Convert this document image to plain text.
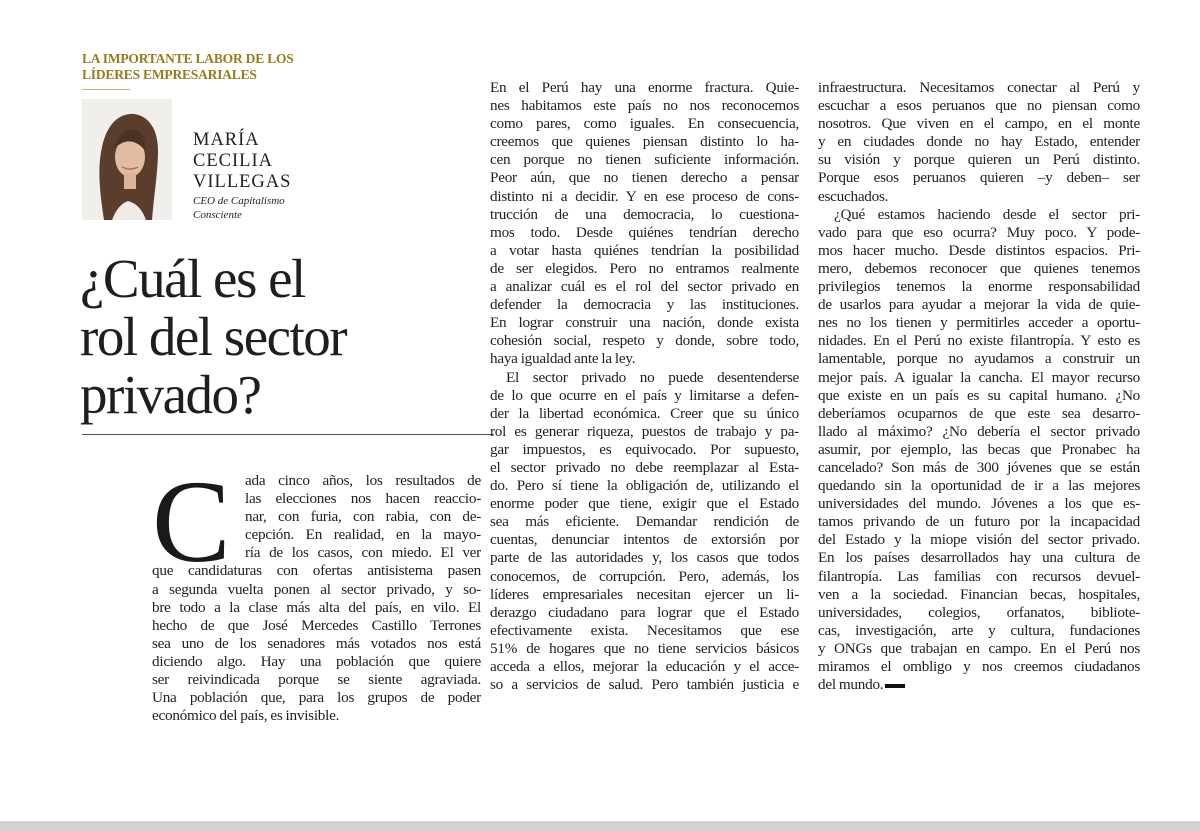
LA IMPORTANTE LABOR DE LOS LÍDERES EMPRESARIALES
MARÍA
CECILIA
VILLEGAS
CEO de Capitalismo
Consciente
¿Cuál es el
rol del sector
privado?
C ada cinco años, los resultados de
las elecciones nos hacen reaccio-
nar, con furia, con rabia, con de-
cepción. En realidad, en la mayo-
ría de los casos, con miedo. El ver
que candidaturas con ofertas antisistema pasen
a segunda vuelta ponen al sector privado, y so-
bre todo a la clase más alta del país, en vilo. El
hecho de que José Mercedes Castillo Terrones
sea uno de los senadores más votados nos está
diciendo algo. Hay una población que quiere
ser reivindicada porque se siente agraviada.
Una población que, para los grupos de poder
económico del país, es invisible.
En el Perú hay una enorme fractura. Quie-
nes habitamos este país no nos reconocemos
como pares, como iguales. En consecuencia,
creemos que quienes piensan distinto lo ha-
cen porque no tienen suficiente información.
Peor aún, que no tienen derecho a pensar
distinto ni a decidir. Y en ese proceso de cons-
trucción de una democracia, lo cuestiona-
mos todo. Desde quiénes tendrían derecho
a votar hasta quiénes tendrían la posibilidad
de ser elegidos. Pero no entramos realmente
a analizar cuál es el rol del sector privado en
defender la democracia y las instituciones.
En lograr construir una nación, donde exista
cohesión social, respeto y donde, sobre todo,
haya igualdad ante la ley.
El sector privado no puede desentenderse
de lo que ocurre en el país y limitarse a defen-
der la libertad económica. Creer que su único
rol es generar riqueza, puestos de trabajo y pa-
gar impuestos, es equivocado. Por supuesto,
el sector privado no debe reemplazar al Esta-
do. Pero sí tiene la obligación de, utilizando el
enorme poder que tiene, exigir que el Estado
sea más eficiente. Demandar rendición de
cuentas, denunciar intentos de extorsión por
parte de las autoridades y, los casos que todos
conocemos, de corrupción. Pero, además, los
líderes empresariales necesitan ejercer un li-
derazgo ciudadano para lograr que el Estado
efectivamente exista. Necesitamos que ese
51% de hogares que no tiene servicios básicos
acceda a ellos, mejorar la educación y el acce-
so a servicios de salud. Pero también justicia e
infraestructura. Necesitamos conectar al Perú y
escuchar a esos peruanos que no piensan como
nosotros. Que viven en el campo, en el monte
y en ciudades donde no hay Estado, entender
su visión y porque quieren un Perú distinto.
Porque esos peruanos quieren –y deben– ser
escuchados.
¿Qué estamos haciendo desde el sector pri-
vado para que eso ocurra? Muy poco. Y pode-
mos hacer mucho. Desde distintos espacios. Pri-
mero, debemos reconocer que quienes tenemos
privilegios tenemos la enorme responsabilidad
de usarlos para ayudar a mejorar la vida de quie-
nes no los tienen y permitirles acceder a oportu-
nidades. En el Perú no existe filantropía. Y esto es
lamentable, porque no ayudamos a construir un
mejor país. A igualar la cancha. El mayor recurso
que existe en un país es su capital humano. ¿No
deberíamos ocuparnos de que este sea desarro-
llado al máximo? ¿No debería el sector privado
asumir, por ejemplo, las becas que Pronabec ha
cancelado? Son más de 300 jóvenes que se están
quedando sin la oportunidad de ir a las mejores
universidades del mundo. Jóvenes a los que es-
tamos privando de un futuro por la incapacidad
del Estado y la miope visión del sector privado.
En los países desarrollados hay una cultura de
filantropía. Las familias con recursos devuel-
ven a la sociedad. Financian becas, hospitales,
universidades, colegios, orfanatos, bibliote-
cas, investigación, arte y cultura, fundaciones
y ONGs que trabajan en campo. En el Perú nos
miramos el ombligo y nos creemos ciudadanos
del mundo.
